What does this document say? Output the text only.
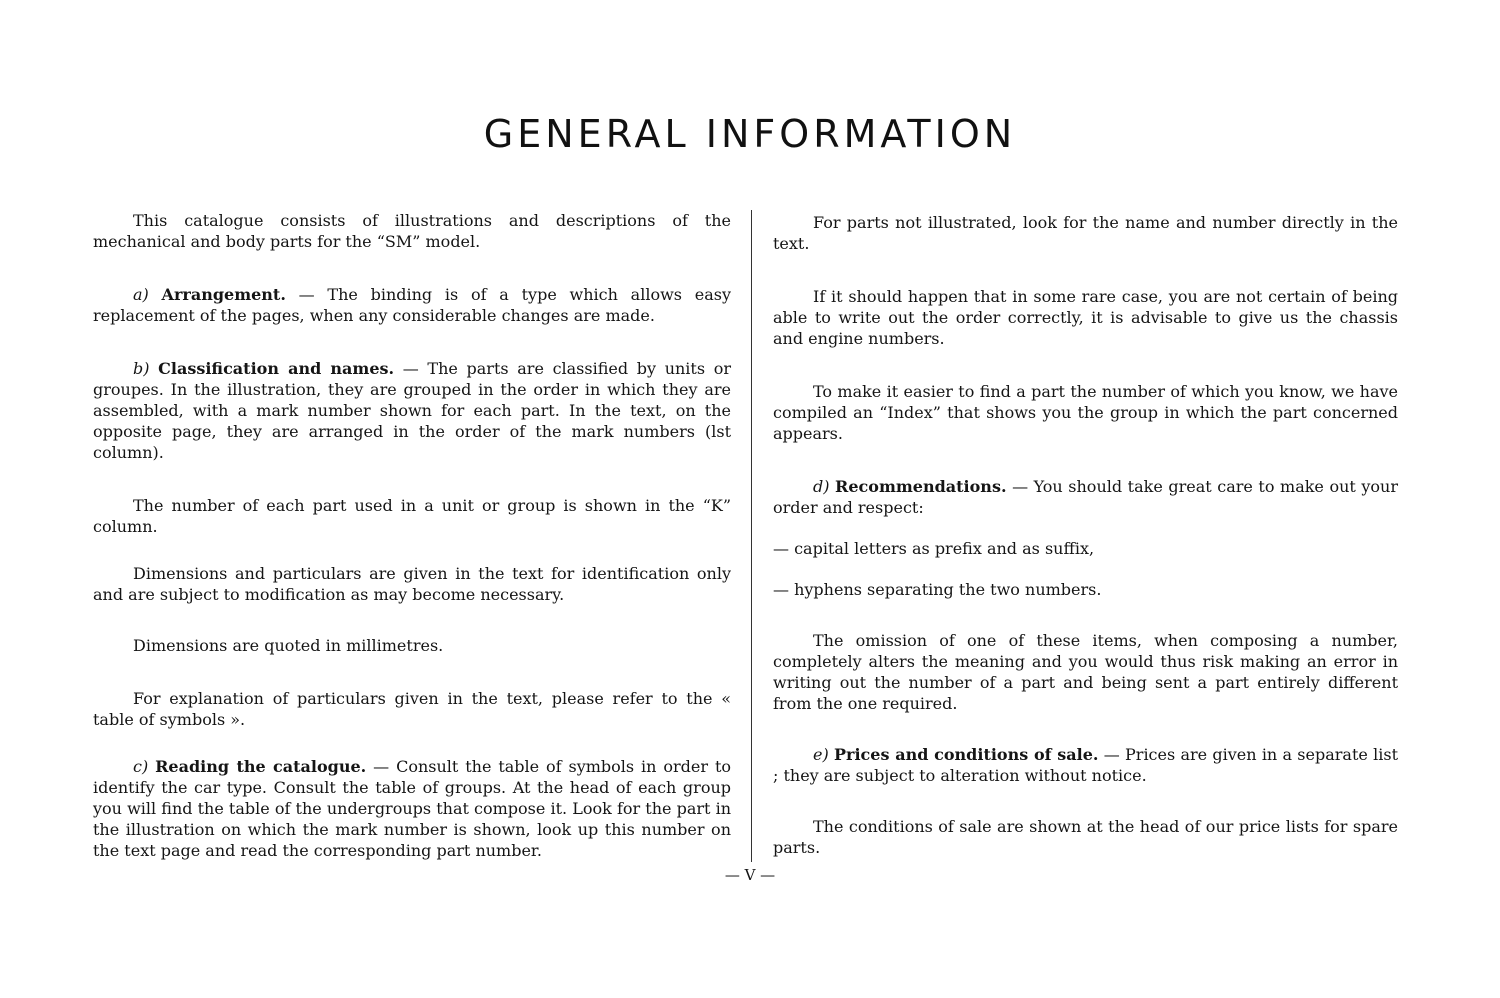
GENERAL INFORMATION

This catalogue consists of illustrations and descriptions of the mechanical and body parts for the “SM” model.

a) Arrangement. — The binding is of a type which allows easy replacement of the pages, when any considerable changes are made.

b) Classification and names. — The parts are classified by units or groupes. In the illustration, they are grouped in the order in which they are assembled, with a mark number shown for each part. In the text, on the opposite page, they are arranged in the order of the mark numbers (lst column).

The number of each part used in a unit or group is shown in the “K” column.

Dimensions and particulars are given in the text for identification only and are subject to modification as may become necessary.

Dimensions are quoted in millimetres.

For explanation of particulars given in the text, please refer to the « table of symbols ».

c) Reading the catalogue. — Consult the table of symbols in order to identify the car type. Consult the table of groups. At the head of each group you will find the table of the undergroups that compose it. Look for the part in the illustration on which the mark number is shown, look up this number on the text page and read the corresponding part number.

For parts not illustrated, look for the name and number directly in the text.

If it should happen that in some rare case, you are not certain of being able to write out the order correctly, it is advisable to give us the chassis and engine numbers.

To make it easier to find a part the number of which you know, we have compiled an “Index” that shows you the group in which the part concerned appears.

d) Recommendations. — You should take great care to make out your order and respect:

— capital letters as prefix and as suffix,

— hyphens separating the two numbers.

The omission of one of these items, when composing a number, completely alters the meaning and you would thus risk making an error in writing out the number of a part and being sent a part entirely different from the one required.

e) Prices and conditions of sale. — Prices are given in a separate list ; they are subject to alteration without notice.

The conditions of sale are shown at the head of our price lists for spare parts.

— V —
